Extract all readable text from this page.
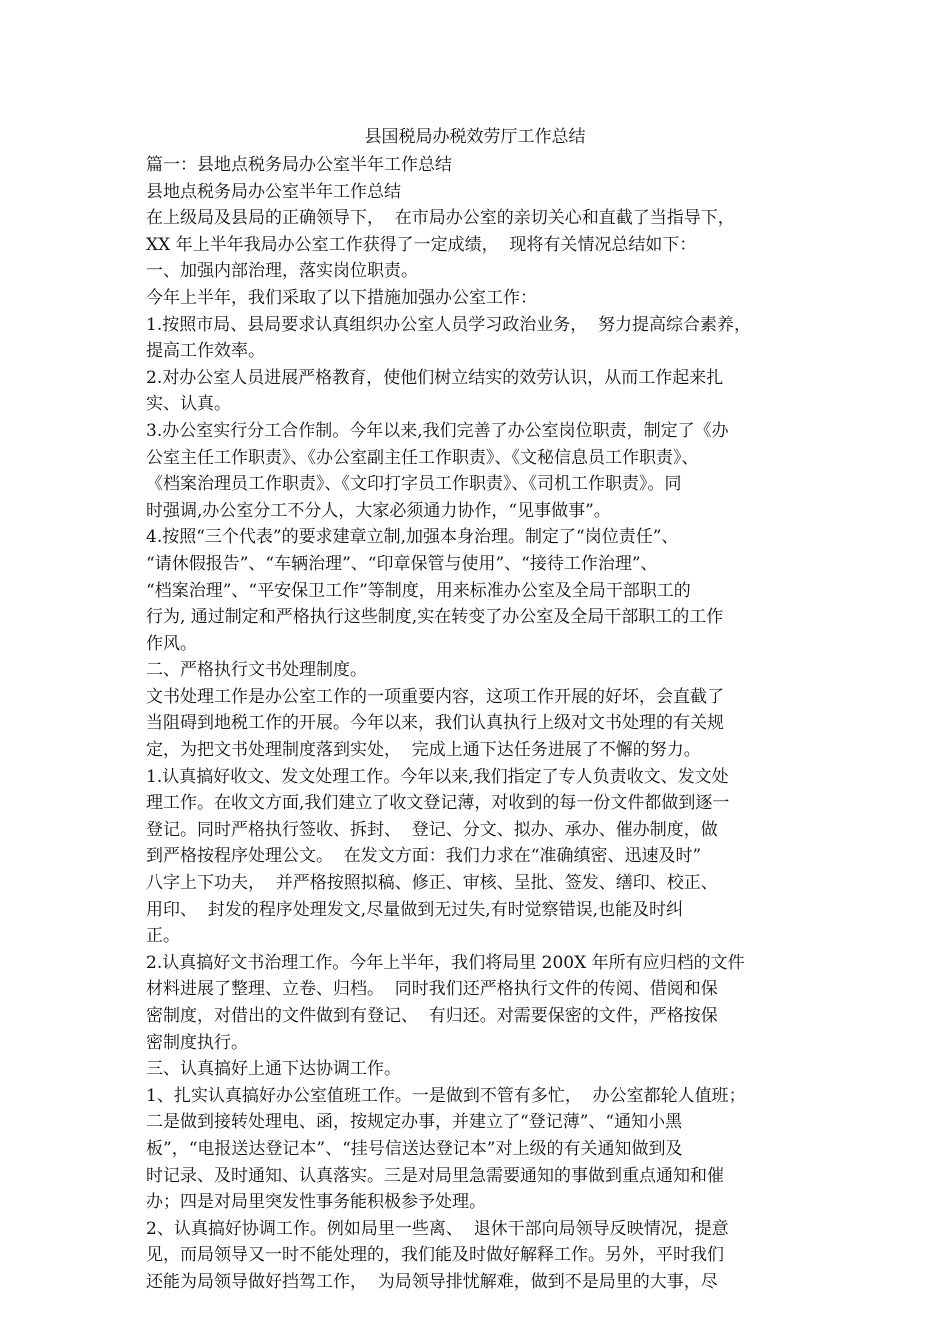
县国税局办税效劳厅工作总结
篇一：县地点税务局办公室半年工作总结
县地点税务局办公室半年工作总结
在上级局及县局的正确领导下，  在市局办公室的亲切关心和直截了当指导下，
XX 年上半年我局办公室工作获得了一定成绩，  现将有关情况总结如下：
一、加强内部治理，落实岗位职责。
今年上半年，我们采取了以下措施加强办公室工作：
1.按照市局、县局要求认真组织办公室人员学习政治业务，  努力提高综合素养，
提高工作效率。
2.对办公室人员进展严格教育，使他们树立结实的效劳认识，从而工作起来扎
实、认真。
3.办公室实行分工合作制。今年以来,我们完善了办公室岗位职责，制定了《办
公室主任工作职责》、《办公室副主任工作职责》、《文秘信息员工作职责》、
《档案治理员工作职责》、《文印打字员工作职责》、《司机工作职责》。同
时强调,办公室分工不分人，大家必须通力协作，“见事做事”。
4.按照“三个代表”的要求建章立制,加强本身治理。制定了“岗位责任”、
“请休假报告”、“车辆治理”、“印章保管与使用”、“接待工作治理”、
“档案治理”、“平安保卫工作”等制度，用来标准办公室及全局干部职工的
行为, 通过制定和严格执行这些制度,实在转变了办公室及全局干部职工的工作
作风。
二、严格执行文书处理制度。
文书处理工作是办公室工作的一项重要内容，这项工作开展的好坏，会直截了
当阻碍到地税工作的开展。今年以来，我们认真执行上级对文书处理的有关规
定，为把文书处理制度落到实处，  完成上通下达任务进展了不懈的努力。
1.认真搞好收文、发文处理工作。今年以来,我们指定了专人负责收文、发文处
理工作。在收文方面,我们建立了收文登记薄，对收到的每一份文件都做到逐一
登记。同时严格执行签收、拆封、  登记、分文、拟办、承办、催办制度，做
到严格按程序处理公文。  在发文方面：我们力求在“准确缜密、迅速及时”
八字上下功夫，  并严格按照拟稿、修正、审核、呈批、签发、缮印、校正、
用印、  封发的程序处理发文,尽量做到无过失,有时觉察错误,也能及时纠
正。
2.认真搞好文书治理工作。今年上半年，我们将局里 200X 年所有应归档的文件
材料进展了整理、立卷、归档。  同时我们还严格执行文件的传阅、借阅和保
密制度，对借出的文件做到有登记、  有归还。对需要保密的文件，严格按保
密制度执行。
三、认真搞好上通下达协调工作。
1、扎实认真搞好办公室值班工作。一是做到不管有多忙，  办公室都轮人值班；
二是做到接转处理电、函，按规定办事，并建立了“登记薄”、“通知小黑
板”，“电报送达登记本”、“挂号信送达登记本”对上级的有关通知做到及
时记录、及时通知、认真落实。三是对局里急需要通知的事做到重点通知和催
办；四是对局里突发性事务能积极参予处理。
2、认真搞好协调工作。例如局里一些离、  退休干部向局领导反映情况，提意
见，而局领导又一时不能处理的，我们能及时做好解释工作。另外，平时我们
还能为局领导做好挡驾工作，  为局领导排忧解难，做到不是局里的大事，尽
